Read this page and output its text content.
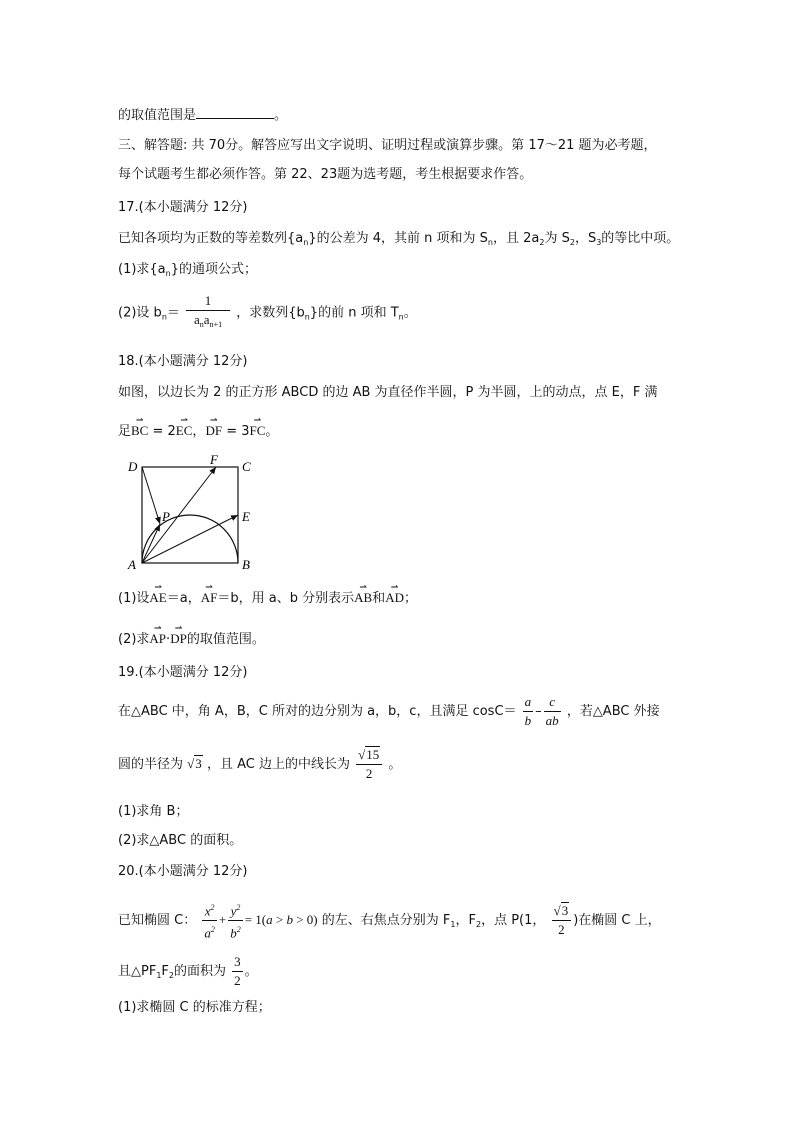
的取值范围是	。
三、解答题: 共 70分。解答应写出文字说明、证明过程或演算步骤。第 17～21 题为必考题，
每个试题考生都必须作答。第 22、23题为选考题，考生根据要求作答。
17.(本小题满分 12分)
已知各项均为正数的等差数列$\{a_n\}$的公差为 4，其前 n 项和为 $S_n$，且 $2a_2$为 $S_2$，$S_3$的等比中项。
(1)求$\{a_n\}$的通项公式；
(2)设 $b_n= \frac{1}{a_na_{n+1}}$ ，求数列$\{b_n\}$的前 n 项和 $T_n$。
18.(本小题满分 12分)
如图，以边长为 2 的正方形 ABCD 的边 AB 为直径作半圆，P 为半圆，上的动点，点 E，F 满
足⇀ BC = 2⇀ EC，⇀ DF = 3⇀ FC。
D	C
F
E
P
A	B
(1)设⇀ AE＝a，⇀ AF＝b，用 a、b 分别表示⇀ AB和⇀ AD；
(2)求⇀ AP·⇀ DP的取值范围。
19.(本小题满分 12分)
在△ABC 中，角 A，B，C 所对的边分别为 a，b，c，且满足 $\cos C= \frac{a}{b} - \frac{c}{ab}$ ，若△ABC 外接
圆的半径为 √3 ，且 AC 边上的中线长为 $\frac{√15}{2}$ 。
(1)求角 B；
(2)求△ABC 的面积。
20.(本小题满分 12分)
已知椭圆 C： $\frac{x^2}{a^2} + \frac{y^2}{b^2} = 1(a > b > 0)$ 的左、右焦点分别为 $F_1$，$F_2$，点 P(1， $\frac{√3}{2}$ )在椭圆 C 上，
且$\triangle PF_1F_2$的面积为 $\frac{3}{2}$ 。
(1)求椭圆 C 的标准方程；
